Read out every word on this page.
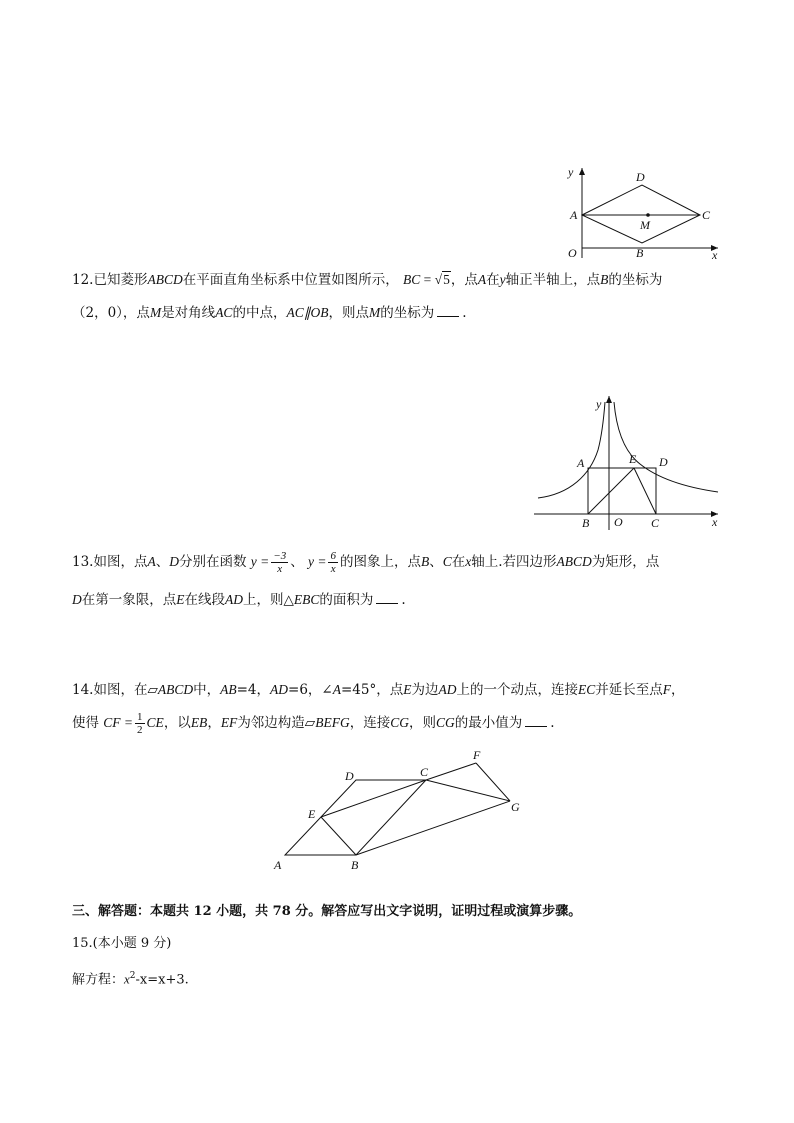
y
x
O
A
B
C
D
M
12.已知菱形ABCD在平面直角坐标系中位置如图所示， BC = √5，点A在y轴正半轴上，点B的坐标为
（2，0），点M是对角线AC的中点，AC∥OB，则点M的坐标为 .
y
x
O
A
B	C
D
E
13.如图，点A、D分别在函数 $y = \frac{-3}{x}$ 、 $y = \frac{6}{x}$ 的图象上，点B、C在x轴上.若四边形ABCD为矩形，点
D在第一象限，点E在线段AD上，则△EBC的面积为 .
14.如图，在▱ABCD中，AB=4，AD=6，∠A=45°，点E为边AD上的一个动点，连接EC并延长至点F，
使得 CF = $\frac{1}{2}$ CE，以EB，EF为邻边构造▱BEFG，连接CG，则CG的最小值为 .
A	B
C
D
E
F
G
三、解答题：本题共 12 小题，共 78 分。解答应写出文字说明，证明过程或演算步骤。
15.(本小题 9 分)
解方程：$x^2-x=x+3$.
